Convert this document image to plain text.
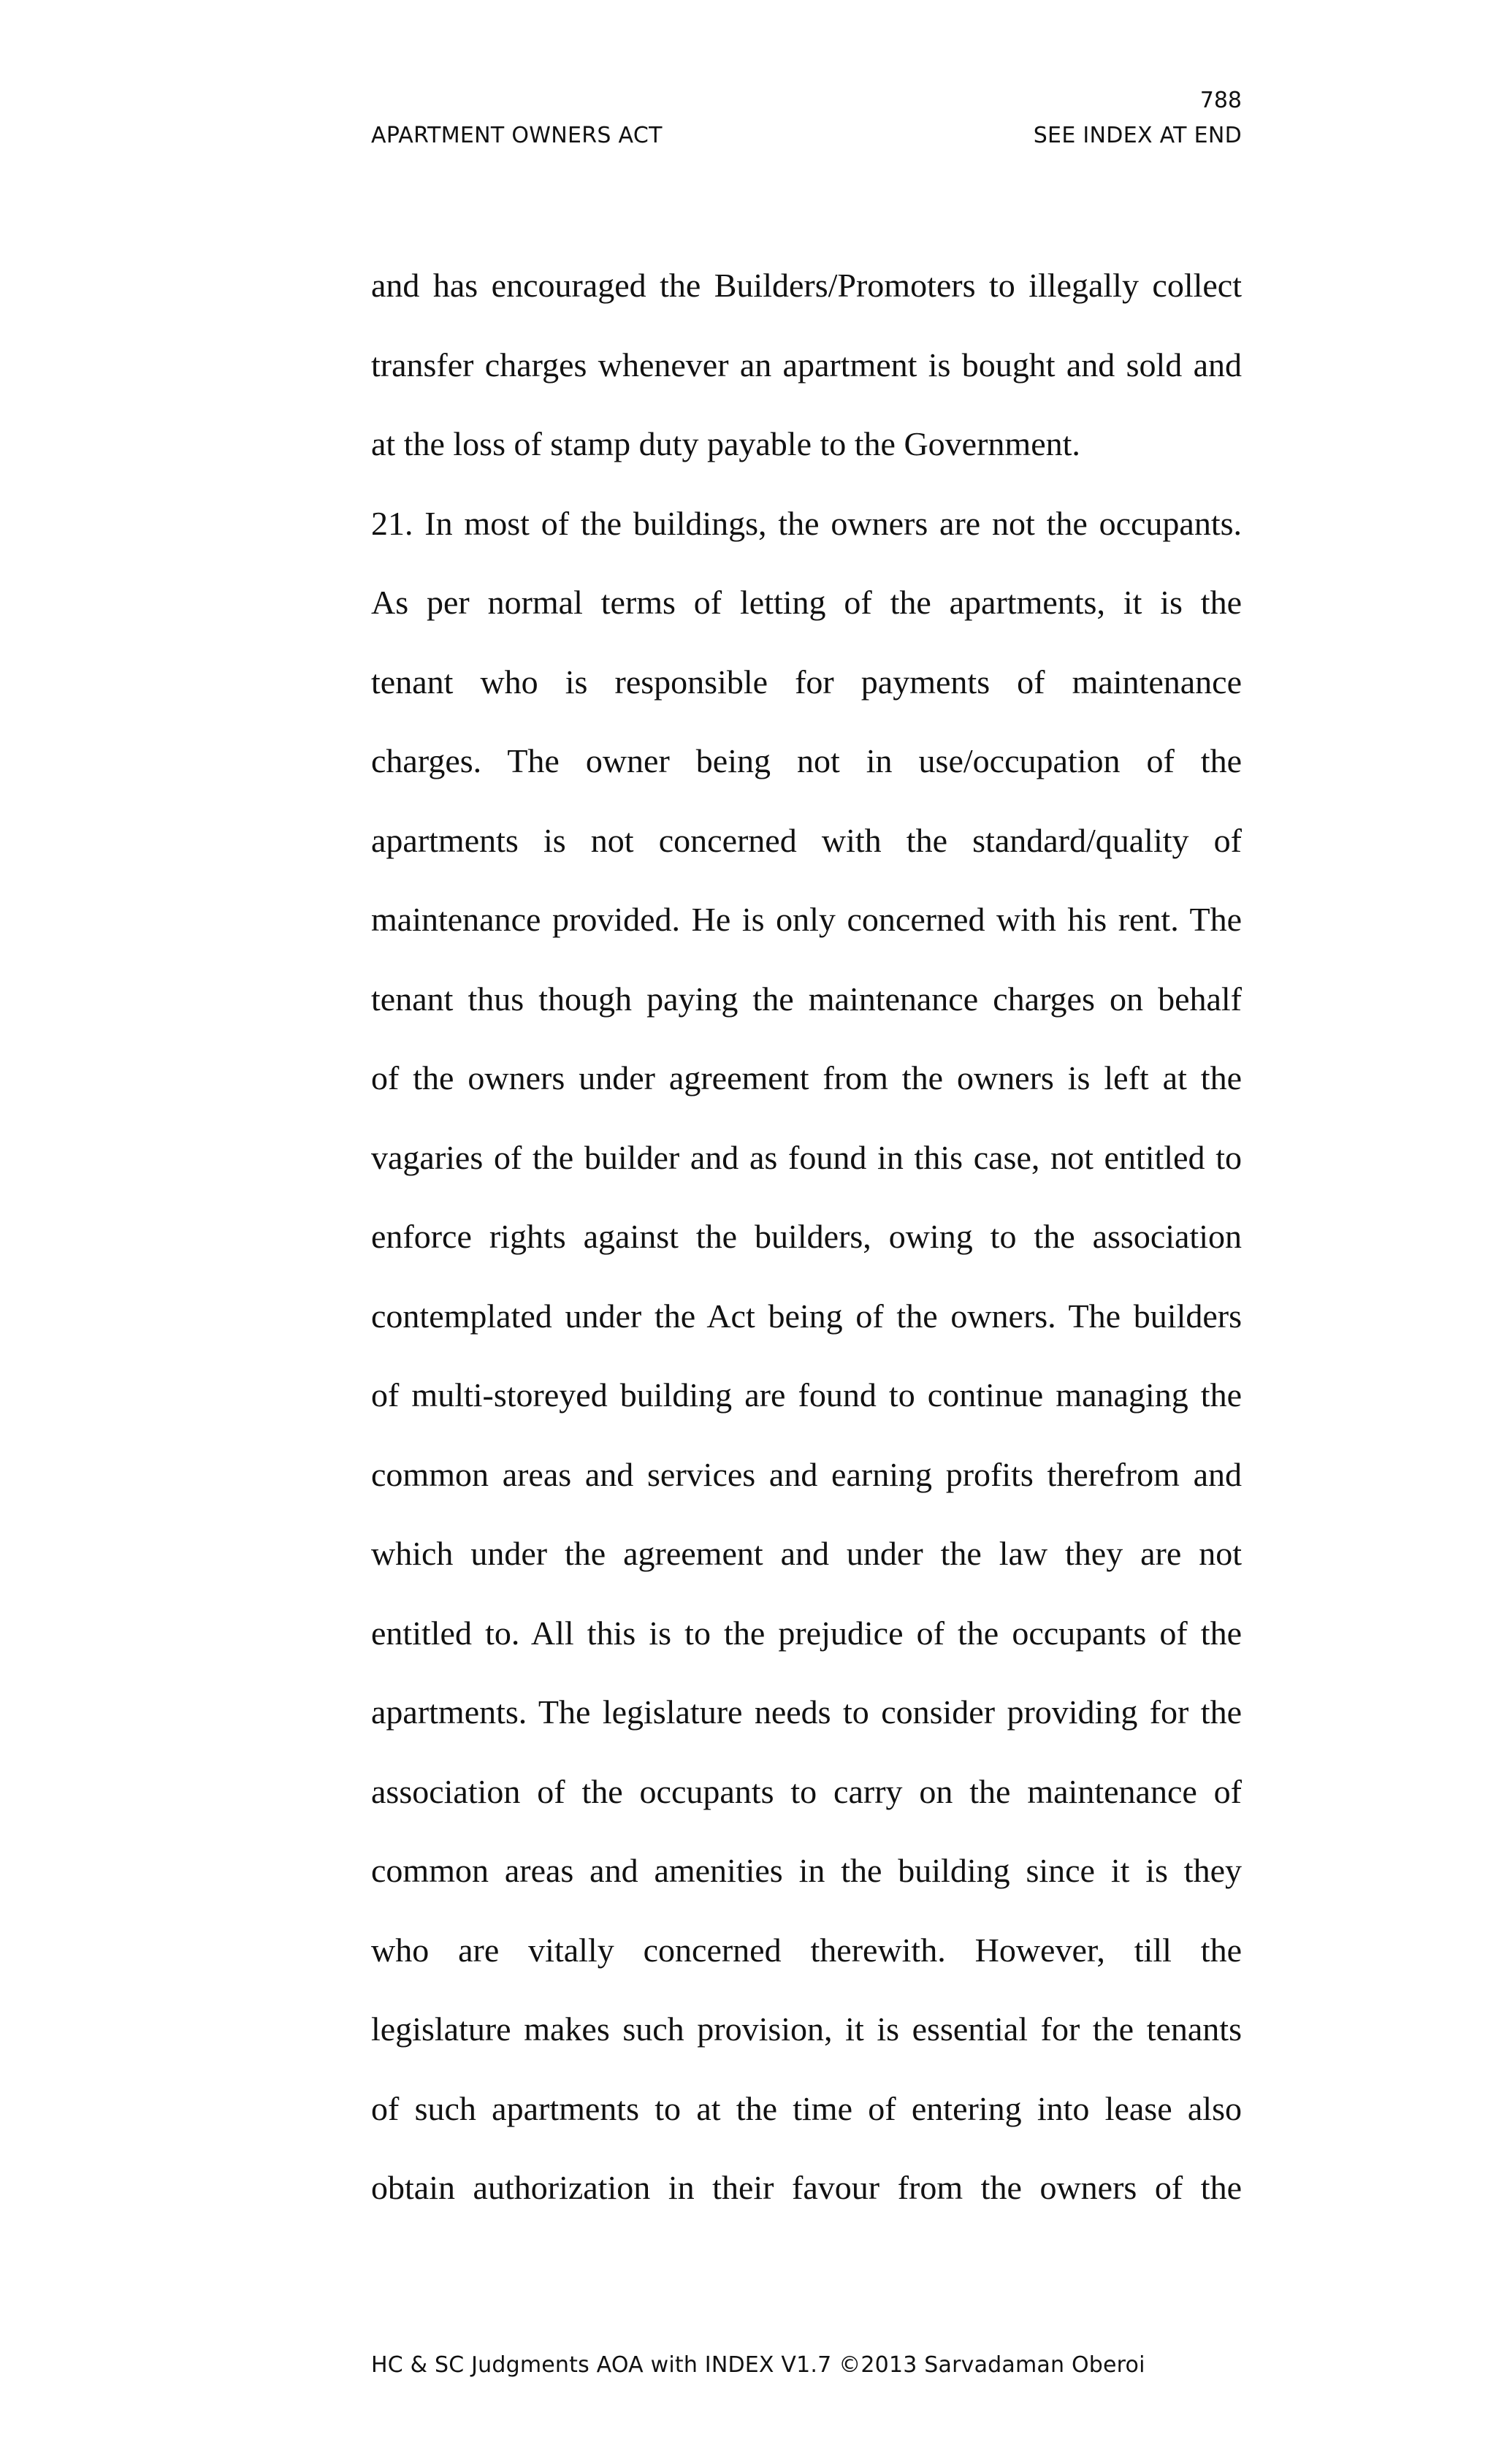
788
APARTMENT OWNERS ACT	SEE INDEX AT END
and has encouraged the Builders/Promoters to illegally collect
transfer charges whenever an apartment is bought and sold and
at the loss of stamp duty payable to the Government.
21. In most of the buildings, the owners are not the occupants.
As per normal terms of letting of the apartments, it is the
tenant who is responsible for payments of maintenance
charges. The owner being not in use/occupation of the
apartments is not concerned with the standard/quality of
maintenance provided. He is only concerned with his rent. The
tenant thus though paying the maintenance charges on behalf
of the owners under agreement from the owners is left at the
vagaries of the builder and as found in this case, not entitled to
enforce rights against the builders, owing to the association
contemplated under the Act being of the owners. The builders
of multi-storeyed building are found to continue managing the
common areas and services and earning profits therefrom and
which under the agreement and under the law they are not
entitled to. All this is to the prejudice of the occupants of the
apartments. The legislature needs to consider providing for the
association of the occupants to carry on the maintenance of
common areas and amenities in the building since it is they
who are vitally concerned therewith. However, till the
legislature makes such provision, it is essential for the tenants
of such apartments to at the time of entering into lease also
obtain authorization in their favour from the owners of the
HC & SC Judgments AOA with INDEX V1.7 ©2013 Sarvadaman Oberoi
